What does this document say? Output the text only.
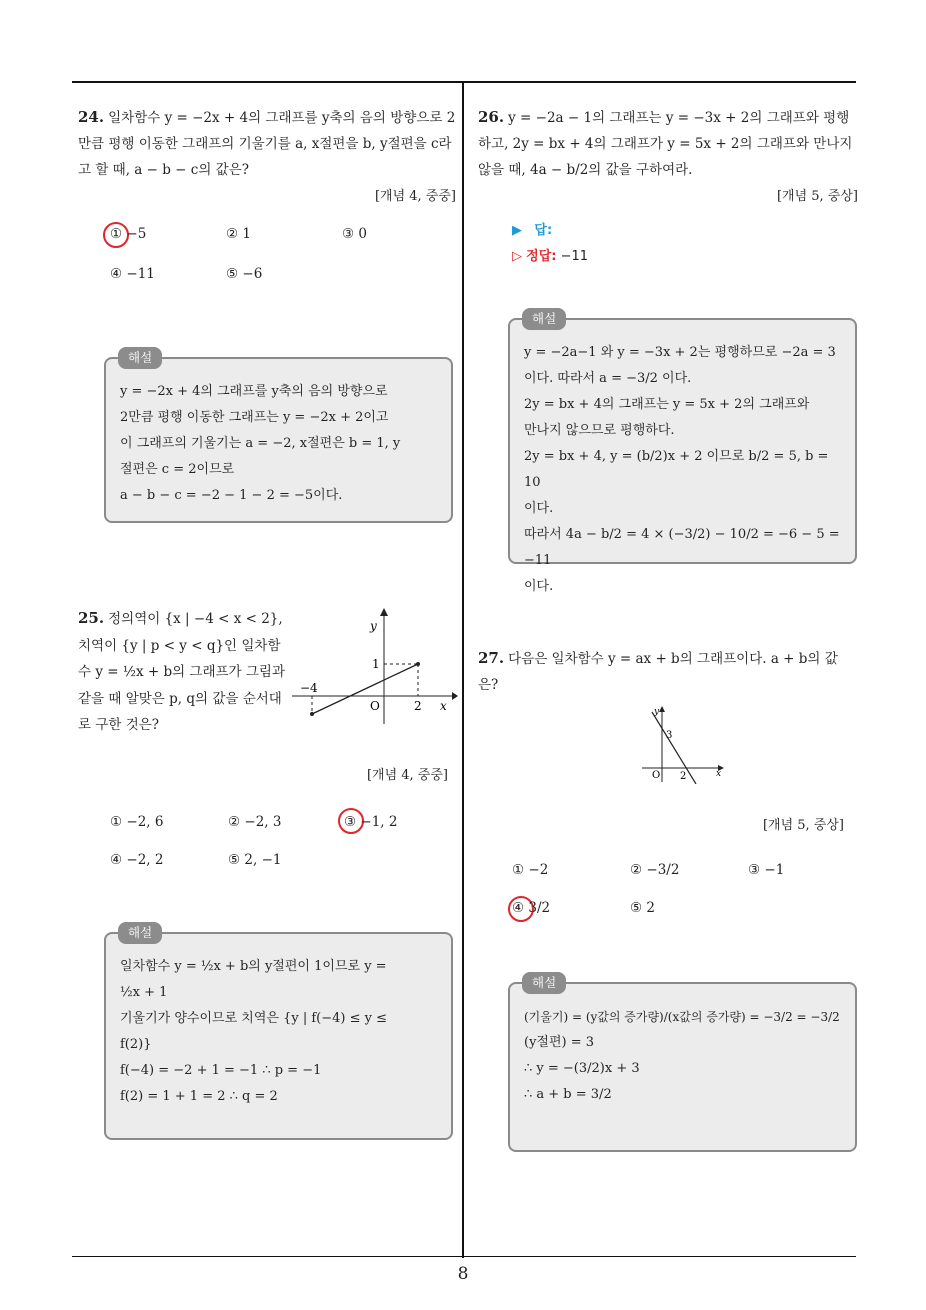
8
24. 일차함수 y = −2x + 4의 그래프를 y축의 음의 방향으로 2만큼 평행 이동한 그래프의 기울기를 a, x절편을 b, y절편을 c라고 할 때, a − b − c의 값은?
[개념 4, 중중]
① −5	② 1	③ 0
④ −11	⑤ −6
해설
y = −2x + 4의 그래프를 y축의 음의 방향으로
2만큼 평행 이동한 그래프는 y = −2x + 2이고
이 그래프의 기울기는 a = −2, x절편은 b = 1, y
절편은 c = 2이므로
a − b − c = −2 − 1 − 2 = −5이다.
25. 정의역이 {x | −4 < x < 2}, 치역이 {y | p < y < q}인 일차함수 y = ½x + b의 그래프가 그림과 같을 때 알맞은 p, q의 값을 순서대로 구한 것은?
y
x
O
−4
2
1
[개념 4, 중중]
① −2, 6	② −2, 3	③ −1, 2
④ −2, 2	⑤ 2, −1
해설
일차함수 y = ½x + b의 y절편이 1이므로 y =
½x + 1
기울기가 양수이므로 치역은 {y | f(−4) ≤ y ≤
f(2)}
f(−4) = −2 + 1 = −1 ∴ p = −1
f(2) = 1 + 1 = 2 ∴ q = 2
26. y = −2a − 1의 그래프는 y = −3x + 2의 그래프와 평행하고, 2y = bx + 4의 그래프가 y = 5x + 2의 그래프와 만나지 않을 때, 4a − b/2의 값을 구하여라.
[개념 5, 중상]
▶ 답:
▷ 정답: −11
해설
y = −2a−1 와 y = −3x + 2는 평행하므로 −2a = 3
이다. 따라서 a = −3/2 이다.
2y = bx + 4의 그래프는 y = 5x + 2의 그래프와
만나지 않으므로 평행하다.
2y = bx + 4, y = (b/2)x + 2 이므로 b/2 = 5, b = 10
이다.
따라서 4a − b/2 = 4 × (−3/2) − 10/2 = −6 − 5 = −11
이다.
27. 다음은 일차함수 y = ax + b의 그래프이다. a + b의 값은?
3
2
O
y
x
[개념 5, 중상]
① −2	② −3/2	③ −1
④ 3/2	⑤ 2
해설
(기울기) = (y값의 증가량)/(x값의 증가량) = −3/2 = −3/2
(y절편) = 3
∴ y = −(3/2)x + 3
∴ a + b = 3/2
